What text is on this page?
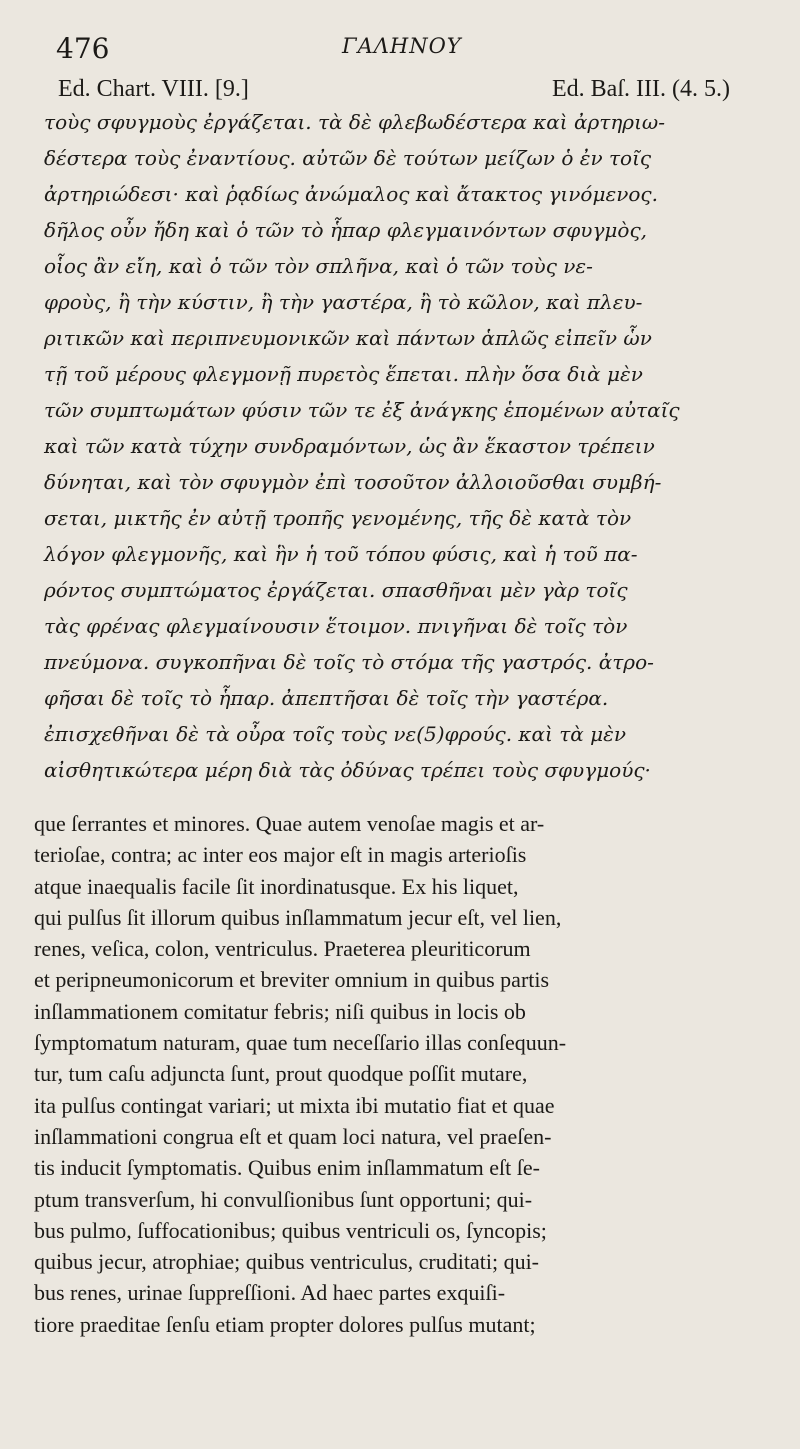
476	ΓΑΛΗΝΟΥ
Ed. Chart. VIII. [9.]	Ed. Baſ. III. (4. 5.)
τοὺς σφυγμοὺς ἐργάζεται. τὰ δὲ φλεβωδέστερα καὶ ἀρτηριω-
δέστερα τοὺς ἐναντίους. αὐτῶν δὲ τούτων μείζων ὁ ἐν τοῖς
ἀρτηριώδεσι· καὶ ῥᾳδίως ἀνώμαλος καὶ ἄτακτος γινόμενος.
δῆλος οὖν ἤδη καὶ ὁ τῶν τὸ ἧπαρ φλεγμαινόντων σφυγμὸς,
οἷος ἂν εἴη, καὶ ὁ τῶν τὸν σπλῆνα, καὶ ὁ τῶν τοὺς νε-
φροὺς, ἢ τὴν κύστιν, ἢ τὴν γαστέρα, ἢ τὸ κῶλον, καὶ πλευ-
ριτικῶν καὶ περιπνευμονικῶν καὶ πάντων ἁπλῶς εἰπεῖν ὧν
τῇ τοῦ μέρους φλεγμονῇ πυρετὸς ἕπεται. πλὴν ὅσα διὰ μὲν
τῶν συμπτωμάτων φύσιν τῶν τε ἐξ ἀνάγκης ἑπομένων αὐταῖς
καὶ τῶν κατὰ τύχην συνδραμόντων, ὡς ἂν ἕκαστον τρέπειν
δύνηται, καὶ τὸν σφυγμὸν ἐπὶ τοσοῦτον ἀλλοιοῦσθαι συμβή-
σεται, μικτῆς ἐν αὐτῇ τροπῆς γενομένης, τῆς δὲ κατὰ τὸν
λόγον φλεγμονῆς, καὶ ἣν ἡ τοῦ τόπου φύσις, καὶ ἡ τοῦ πα-
ρόντος συμπτώματος ἐργάζεται. σπασθῆναι μὲν γὰρ τοῖς
τὰς φρένας φλεγμαίνουσιν ἕτοιμον. πνιγῆναι δὲ τοῖς τὸν
πνεύμονα. συγκοπῆναι δὲ τοῖς τὸ στόμα τῆς γαστρός. ἀτρο-
φῆσαι δὲ τοῖς τὸ ἧπαρ. ἀπεπτῆσαι δὲ τοῖς τὴν γαστέρα.
ἐπισχεθῆναι δὲ τὰ οὖρα τοῖς τοὺς νε(5)φρούς. καὶ τὰ μὲν
αἰσθητικώτερα μέρη διὰ τὰς ὀδύνας τρέπει τοὺς σφυγμούς·
que ſerrantes et minores. Quae autem venoſae magis et ar-
terioſae, contra; ac inter eos major eſt in magis arterioſis
atque inaequalis facile ſit inordinatusque. Ex his liquet,
qui pulſus ſit illorum quibus inſlammatum jecur eſt, vel lien,
renes, veſica, colon, ventriculus. Praeterea pleuriticorum
et peripneumonicorum et breviter omnium in quibus partis
inſlammationem comitatur febris; niſi quibus in locis ob
ſymptomatum naturam, quae tum neceſſario illas conſequun-
tur, tum caſu adjuncta ſunt, prout quodque poſſit mutare,
ita pulſus contingat variari; ut mixta ibi mutatio fiat et quae
inſlammationi congrua eſt et quam loci natura, vel praeſen-
tis inducit ſymptomatis. Quibus enim inſlammatum eſt ſe-
ptum transverſum, hi convulſionibus ſunt opportuni; qui-
bus pulmo, ſuffocationibus; quibus ventriculi os, ſyncopis;
quibus jecur, atrophiae; quibus ventriculus, cruditati; qui-
bus renes, urinae ſuppreſſioni. Ad haec partes exquiſi-
tiore praeditae ſenſu etiam propter dolores pulſus mutant;
